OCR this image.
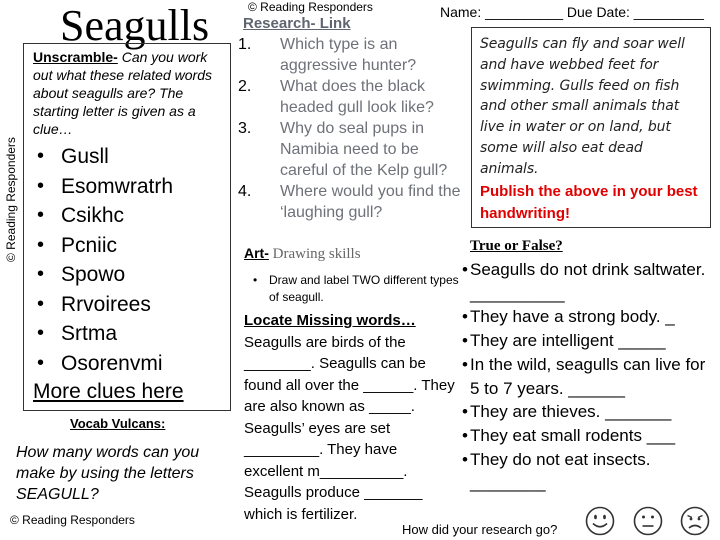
Seagulls	© Reading Responders
Research- Link
Name: __________ Due Date: _________
1. Which type is an aggressive hunter?
2. What does the black headed gull look like?
3. Why do seal pups in Namibia need to be careful of the Kelp gull?
4. Where would you find the ‘laughing gull?
© Reading Responders
Unscramble- Can you work out what these related words about seagulls are? The starting letter is given as a clue…
• Gusll
• Esomwratrh
• Csikhc
• Pcniic
• Spowo
• Rrvoirees
• Srtma
• Osorenvmi
More clues here
Seagulls can fly and soar well and have webbed feet for swimming. Gulls feed on fish and other small animals that live in water or on land, but some will also eat dead animals.
Publish the above in your best handwriting!
Art- Drawing skills
• Draw and label TWO different types of seagull.
Locate Missing words…
Seagulls are birds of the ________. Seagulls can be found all over the ______. They are also known as _____. Seagulls’ eyes are set _________. They have excellent m__________. Seagulls produce _______ which is fertilizer.
Vocab Vulcans:
How many words can you make by using the letters SEAGULL?
© Reading Responders
True or False?
• Seagulls do not drink saltwater. __________
• They have a strong body. _
• They are intelligent _____
• In the wild, seagulls can live for 5 to 7 years. ______
• They are thieves. _______
• They eat small rodents ___
• They do not eat insects. ________
How did your research go?
